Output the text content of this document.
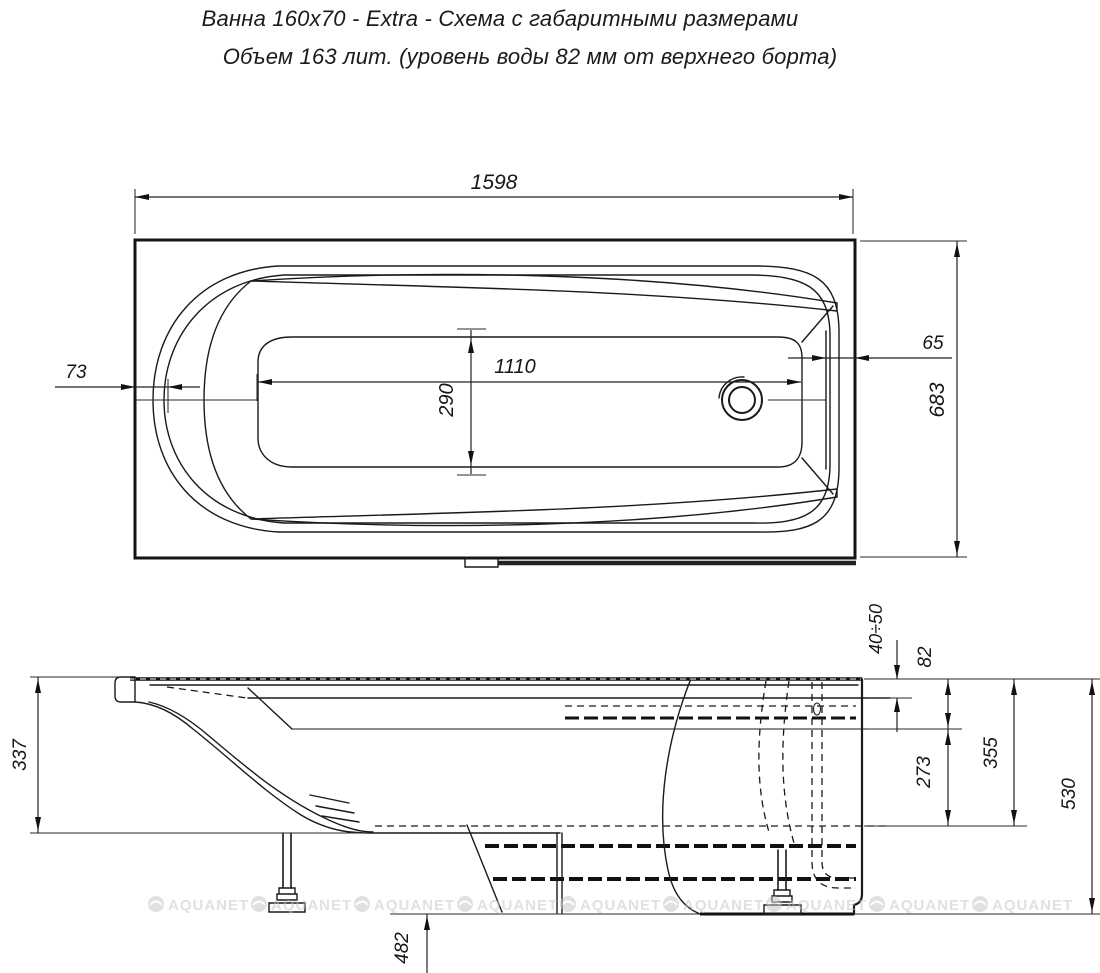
Ванна 160х70 - Extra - Схема с габаритными размерами
Объем 163 лит. (уровень воды 82 мм от верхнего борта)
1598
683
73
65
1110
290
337
40÷50
82
273
355
530
482
AQUANET AQUANET AQUANET AQUANET AQUANET AQUANET AQUANET AQUANET AQUANET
